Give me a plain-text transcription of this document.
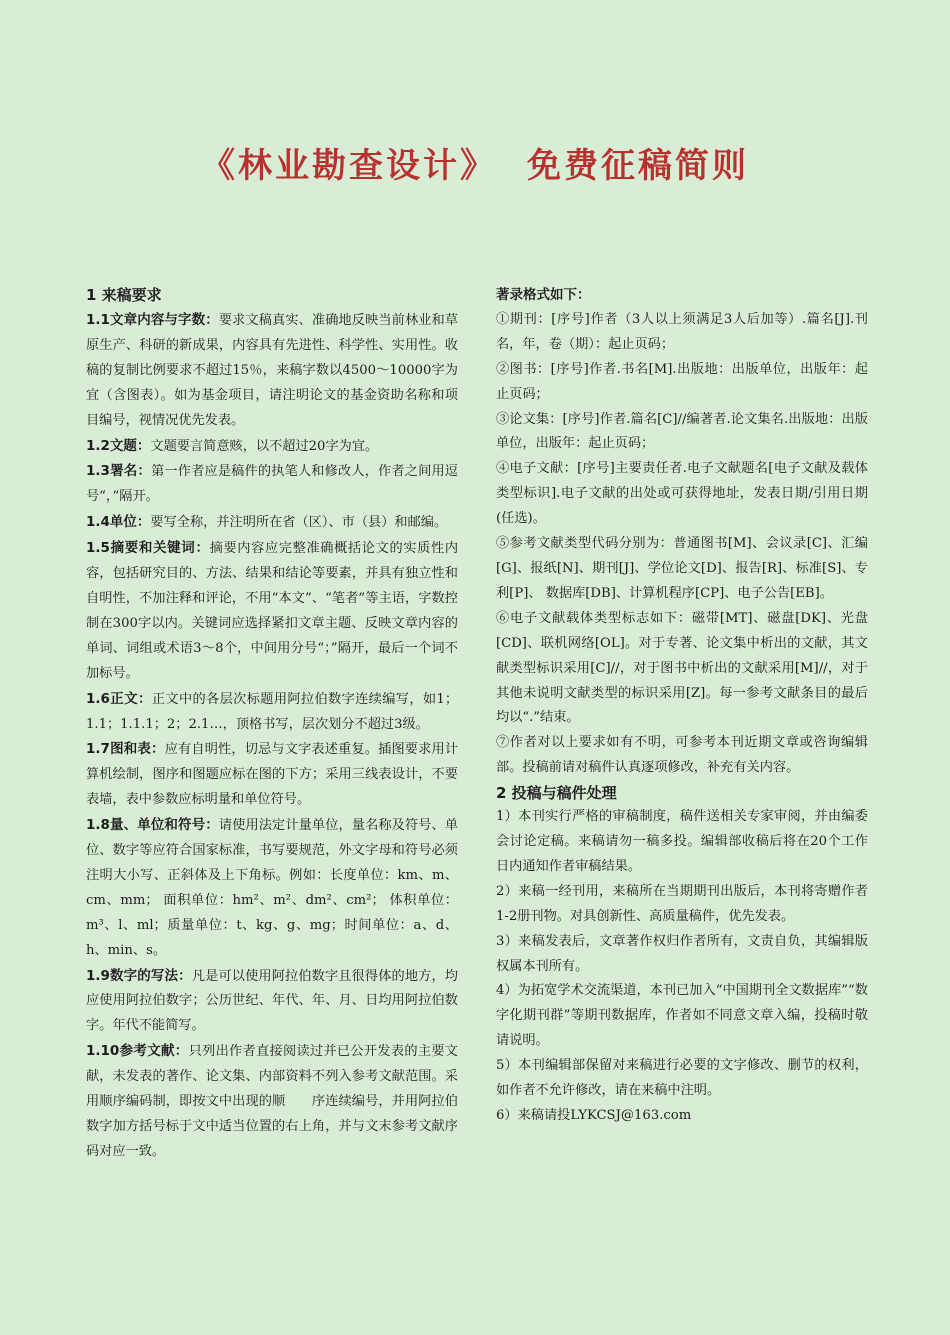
《林业勘查设计》 免费征稿简则

1 来稿要求

1.1文章内容与字数：要求文稿真实、准确地反映当前林业和草原生产、科研的新成果，内容具有先进性、科学性、实用性。收稿的复制比例要求不超过15％，来稿字数以4500～10000字为宜（含图表）。如为基金项目，请注明论文的基金资助名称和项目编号，视情况优先发表。

1.2文题：文题要言简意赅，以不超过20字为宜。

1.3署名：第一作者应是稿件的执笔人和修改人，作者之间用逗号“，”隔开。

1.4单位：要写全称，并注明所在省（区）、市（县）和邮编。

1.5摘要和关键词：摘要内容应完整准确概括论文的实质性内容，包括研究目的、方法、结果和结论等要素，并具有独立性和自明性，不加注释和评论，不用“本文”、“笔者”等主语，字数控制在300字以内。关键词应选择紧扣文章主题、反映文章内容的单词、词组或术语3～8个，中间用分号“；”隔开，最后一个词不加标号。

1.6正文：正文中的各层次标题用阿拉伯数字连续编写，如1；1.1；1.1.1；2；2.1…，顶格书写，层次划分不超过3级。

1.7图和表：应有自明性，切忌与文字表述重复。插图要求用计算机绘制，图序和图题应标在图的下方；采用三线表设计，不要表墙，表中参数应标明量和单位符号。

1.8量、单位和符号：请使用法定计量单位，量名称及符号、单位、数字等应符合国家标准，书写要规范，外文字母和符号必须注明大小写、正斜体及上下角标。例如：长度单位：km、m、cm、mm； 面积单位：hm²、m²、dm²、cm²； 体积单位：m³、l、ml；质量单位：t、kg、g、mg；时间单位：a、d、h、min、s。

1.9数字的写法：凡是可以使用阿拉伯数字且很得体的地方，均应使用阿拉伯数字；公历世纪、年代、年、月、日均用阿拉伯数字。年代不能简写。

1.10参考文献：只列出作者直接阅读过并已公开发表的主要文献，未发表的著作、论文集、内部资料不列入参考文献范围。采用顺序编码制，即按文中出现的顺　　序连续编号，并用阿拉伯数字加方括号标于文中适当位置的右上角，并与文末参考文献序码对应一致。

著录格式如下：

①期刊：[序号]作者（3人以上须满足3人后加等）.篇名[J].刊名，年，卷（期）：起止页码；

②图书：[序号]作者.书名[M].出版地：出版单位，出版年：起止页码；

③论文集：[序号]作者.篇名[C]//编著者.论文集名.出版地：出版单位，出版年：起止页码；

④电子文献：[序号]主要责任者.电子文献题名[电子文献及载体类型标识].电子文献的出处或可获得地址，发表日期/引用日期(任选)。

⑤参考文献类型代码分别为：普通图书[M]、会议录[C]、汇编[G]、报纸[N]、期刊[J]、学位论文[D]、报告[R]、标准[S]、专利[P]、 数据库[DB]、计算机程序[CP]、电子公告[EB]。

⑥电子文献载体类型标志如下：磁带[MT]、磁盘[DK]、光盘[CD]、联机网络[OL]。对于专著、论文集中析出的文献，其文献类型标识采用[C]//，对于图书中析出的文献采用[M]//，对于其他未说明文献类型的标识采用[Z]。每一参考文献条目的最后均以“.”结束。

⑦作者对以上要求如有不明，可参考本刊近期文章或咨询编辑部。投稿前请对稿件认真逐项修改，补充有关内容。

2 投稿与稿件处理

1）本刊实行严格的审稿制度，稿件送相关专家审阅，并由编委会讨论定稿。来稿请勿一稿多投。编辑部收稿后将在20个工作日内通知作者审稿结果。

2）来稿一经刊用，来稿所在当期期刊出版后，本刊将寄赠作者1-2册刊物。对具创新性、高质量稿件，优先发表。

3）来稿发表后，文章著作权归作者所有，文责自负，其编辑版权属本刊所有。

4）为拓宽学术交流渠道，本刊已加入“中国期刊全文数据库”“数字化期刊群”等期刊数据库，作者如不同意文章入编，投稿时敬请说明。

5）本刊编辑部保留对来稿进行必要的文字修改、删节的权利，如作者不允许修改，请在来稿中注明。

6）来稿请投LYKCSJ@163.com
